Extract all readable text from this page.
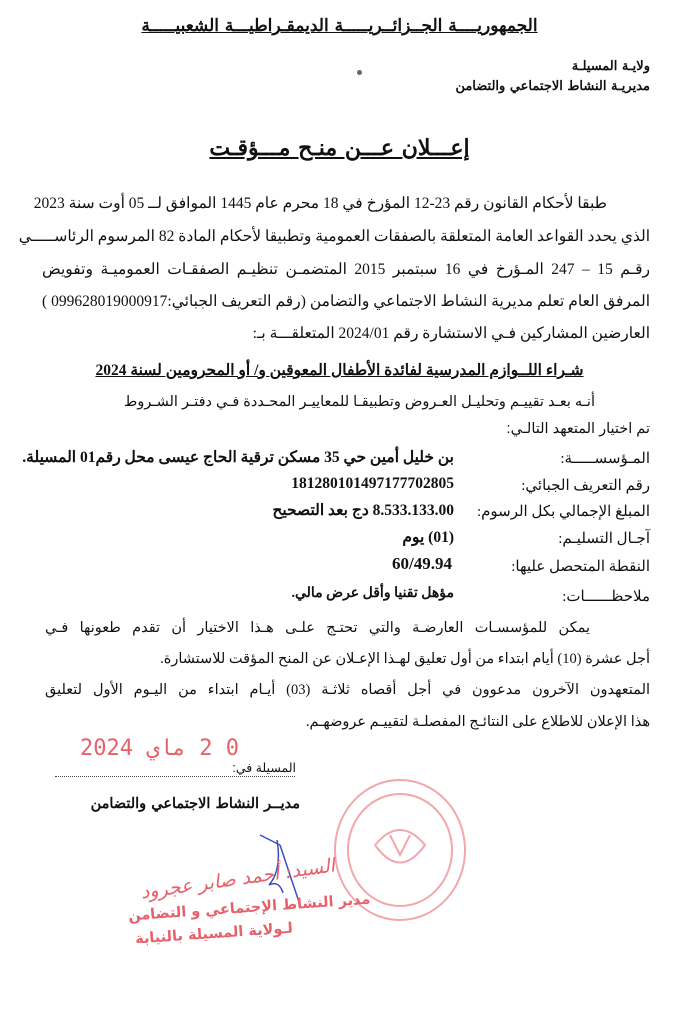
الجمهوريــــة الجــزائــريـــــة الديمقـراطيـــة الشعبيـــــة
ولايـة المسيلـة
مديريـة النشاط الاجتماعي والتضامن
إعـــلان عـــن منـح مـــؤقـت
طبقا لأحكام القانون رقم 23-12 المؤرخ في 18 محرم عام 1445 الموافق لــ 05 أوت سنة 2023
الذي يحدد القواعد العامة المتعلقة بالصفقات العمومية وتطبيقا لأحكام المادة 82 المرسوم الرئاســـــي
رقـم 15 – 247 المـؤرخ في 16 سبتمبر 2015 المتضمـن تنظيـم الصفقـات العموميـة وتفويض
المرفق العام تعلم مديرية النشاط الاجتماعي والتضامن (رقم التعريف الجبائي:099628019000917 )
العارضين المشاركين فـي الاستشارة رقم 2024/01 المتعلقـــة بـ:
شـراء اللــوازم المدرسية لفائدة الأطفال المعوقين و/ أو المحرومين لسنة 2024
أنـه بعـد تقييـم وتحليـل العـروض وتطبيقـا للمعاييـر المحـددة فـي دفتـر الشـروط
تم اختيار المتعهد التالـي:
المـؤسســـــة:
بن خليل أمين حي 35 مسكن ترقية الحاج عيسى محل رقم01 المسيلة.
رقم التعريف الجبائي:
181280101497177702805
المبلغ الإجمالي بكل الرسوم:
8.533.133.00 دج بعد التصحيح
آجـال التسليـم:
(01) يوم
النقطة المتحصل عليها:
60/49.94
ملاحظــــــات:
مؤهل تقنيا وأقل عرض مالي.
يمكن للمؤسسـات العارضـة والتي تحتـج علـى هـذا الاختيار أن تقدم طعونها فـي
أجل عشرة (10) أيام ابتداء من أول تعليق لهـذا الإعـلان عن المنح المؤقت للاستشارة.
المتعهدون الآخرون مدعوون في أجل أقصاه ثلاثـة (03) أيـام ابتداء من اليـوم الأول لتعليق
هذا الإعلان للاطلاع على النتائـج المفصلـة لتقييـم عروضهـم.
0 2 ماي 2024
المسيلة في:
مديــر النشاط الاجتماعي والتضامن
السيد: أحمد صابر عجرود
مدير النشاط الإجتماعي و التضامن
لـولاية المسيلة بالنيابة
